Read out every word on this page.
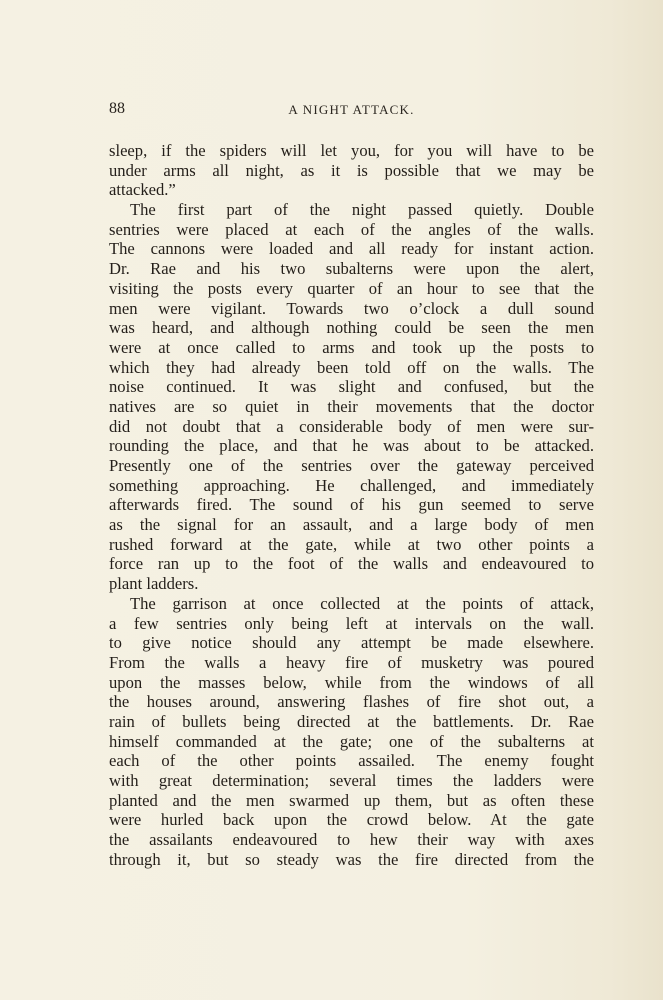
88	A NIGHT ATTACK.
sleep, if the spiders will let you, for you will have to be
under arms all night, as it is possible that we may be
attacked.”
The first part of the night passed quietly. Double
sentries were placed at each of the angles of the walls.
The cannons were loaded and all ready for instant action.
Dr. Rae and his two subalterns were upon the alert,
visiting the posts every quarter of an hour to see that the
men were vigilant. Towards two o’clock a dull sound
was heard, and although nothing could be seen the men
were at once called to arms and took up the posts to
which they had already been told off on the walls. The
noise continued. It was slight and confused, but the
natives are so quiet in their movements that the doctor
did not doubt that a considerable body of men were sur-
rounding the place, and that he was about to be attacked.
Presently one of the sentries over the gateway perceived
something approaching. He challenged, and immediately
afterwards fired. The sound of his gun seemed to serve
as the signal for an assault, and a large body of men
rushed forward at the gate, while at two other points a
force ran up to the foot of the walls and endeavoured to
plant ladders.
The garrison at once collected at the points of attack,
a few sentries only being left at intervals on the wall.
to give notice should any attempt be made elsewhere.
From the walls a heavy fire of musketry was poured
upon the masses below, while from the windows of all
the houses around, answering flashes of fire shot out, a
rain of bullets being directed at the battlements. Dr. Rae
himself commanded at the gate; one of the subalterns at
each of the other points assailed. The enemy fought
with great determination; several times the ladders were
planted and the men swarmed up them, but as often these
were hurled back upon the crowd below. At the gate
the assailants endeavoured to hew their way with axes
through it, but so steady was the fire directed from the
